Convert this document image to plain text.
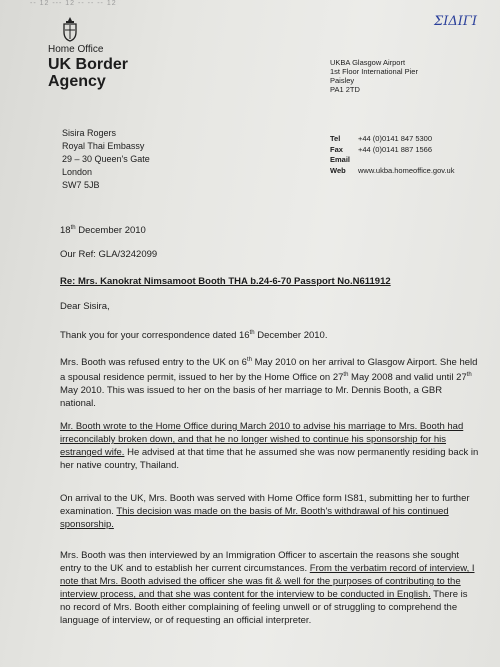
-- 12 --- 12 -- -- -- 12
ΣΙΔΙΓΙ
Home Office
UK Border
Agency
UKBA Glasgow Airport
1st Floor International Pier
Paisley
PA1 2TD
Sisira Rogers
Royal Thai Embassy
29 – 30 Queen's Gate
London
SW7 5JB
Tel +44 (0)0141 847 5300
Fax +44 (0)0141 887 1566
Email
Web www.ukba.homeoffice.gov.uk
18th December 2010
Our Ref: GLA/3242099
Re: Mrs. Kanokrat Nimsamoot Booth THA b.24-6-70 Passport No.N611912
Dear Sisira,
Thank you for your correspondence dated 16th December 2010.
Mrs. Booth was refused entry to the UK on 6th May 2010 on her arrival to Glasgow Airport. She held a spousal residence permit, issued to her by the Home Office on 27th May 2008 and valid until 27th May 2010. This was issued to her on the basis of her marriage to Mr. Dennis Booth, a GBR national.
Mr. Booth wrote to the Home Office during March 2010 to advise his marriage to Mrs. Booth had irreconcilably broken down, and that he no longer wished to continue his sponsorship for his estranged wife. He advised at that time that he assumed she was now permanently residing back in her native country, Thailand.
On arrival to the UK, Mrs. Booth was served with Home Office form IS81, submitting her to further examination. This decision was made on the basis of Mr. Booth's withdrawal of his continued sponsorship.
Mrs. Booth was then interviewed by an Immigration Officer to ascertain the reasons she sought entry to the UK and to establish her current circumstances. From the verbatim record of interview, I note that Mrs. Booth advised the officer she was fit & well for the purposes of contributing to the interview process, and that she was content for the interview to be conducted in English. There is no record of Mrs. Booth either complaining of feeling unwell or of struggling to comprehend the language of interview, or of requesting an official interpreter.
